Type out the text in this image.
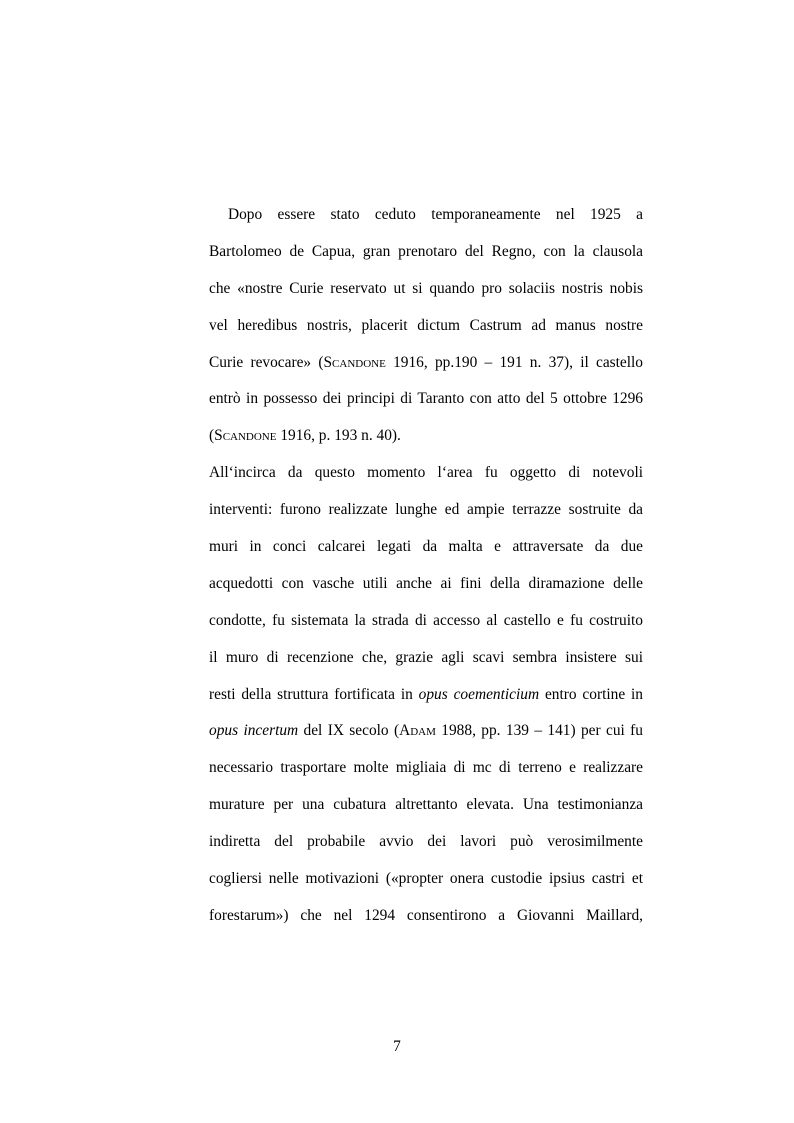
Dopo essere stato ceduto temporaneamente nel 1925 a
Bartolomeo de Capua, gran prenotaro del Regno, con la clausola
che «nostre Curie reservato ut si quando pro solaciis nostris nobis
vel heredibus nostris, placerit dictum Castrum ad manus nostre
Curie revocare» (Scandone 1916, pp.190 – 191 n. 37), il castello
entrò in possesso dei principi di Taranto con atto del 5 ottobre 1296
(Scandone 1916, p. 193 n. 40).
All‘incirca da questo momento l‘area fu oggetto di notevoli
interventi: furono realizzate lunghe ed ampie terrazze sostruite da
muri in conci calcarei legati da malta e attraversate da due
acquedotti con vasche utili anche ai fini della diramazione delle
condotte, fu sistemata la strada di accesso al castello e fu costruito
il muro di recenzione che, grazie agli scavi sembra insistere sui
resti della struttura fortificata in opus coementicium entro cortine in
opus incertum del IX secolo (Adam 1988, pp. 139 – 141) per cui fu
necessario trasportare molte migliaia di mc di terreno e realizzare
murature per una cubatura altrettanto elevata. Una testimonianza
indiretta del probabile avvio dei lavori può verosimilmente
cogliersi nelle motivazioni («propter onera custodie ipsius castri et
forestarum») che nel 1294 consentirono a Giovanni Maillard,
7
